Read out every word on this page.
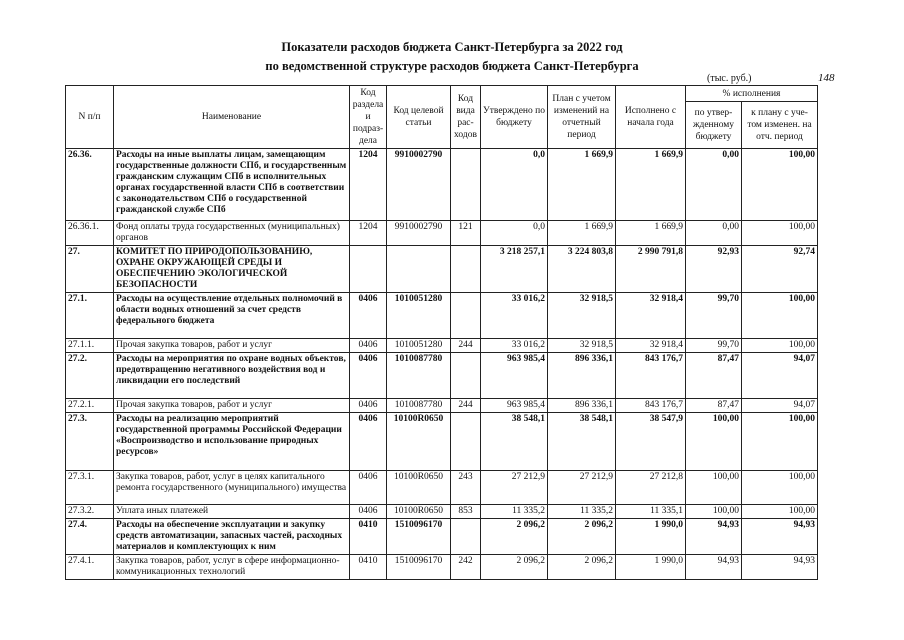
Показатели расходов бюджета Санкт-Петербурга за 2022 год
по ведомственной структуре расходов бюджета Санкт-Петербурга
(тыс. руб.)	148
N п/п	Наименование	Код раздела и подраз-дела	Код целевой статьи	Код вида рас-ходов	Утверждено по бюджету	План с учетом изменений на отчетный период	Исполнено с начала года	% исполнения	
								по утвер-жденному бюджету	к плану с уче-том изменен. на отч. период
26.36.	Расходы на иные выплаты лицам, замещающим государственные должности СПб, и государственным гражданским служащим СПб в исполнительных органах государственной власти СПб в соответствии с законодательством СПб о государственной гражданской службе СПб	1204	9910002790		0,0	1 669,9	1 669,9	0,00	100,00
26.36.1.	Фонд оплаты труда государственных (муниципальных) органов	1204	9910002790	121	0,0	1 669,9	1 669,9	0,00	100,00
27.	КОМИТЕТ ПО ПРИРОДОПОЛЬЗОВАНИЮ, ОХРАНЕ ОКРУЖАЮЩЕЙ СРЕДЫ И ОБЕСПЕЧЕНИЮ ЭКОЛОГИЧЕСКОЙ БЕЗОПАСНОСТИ				3 218 257,1	3 224 803,8	2 990 791,8	92,93	92,74
27.1.	Расходы на осуществление отдельных полномочий в области водных отношений за счет средств федерального бюджета	0406	1010051280		33 016,2	32 918,5	32 918,4	99,70	100,00
27.1.1.	Прочая закупка товаров, работ и услуг	0406	1010051280	244	33 016,2	32 918,5	32 918,4	99,70	100,00
27.2.	Расходы на мероприятия по охране водных объектов, предотвращению негативного воздействия вод и ликвидации его последствий	0406	1010087780		963 985,4	896 336,1	843 176,7	87,47	94,07
27.2.1.	Прочая закупка товаров, работ и услуг	0406	1010087780	244	963 985,4	896 336,1	843 176,7	87,47	94,07
27.3.	Расходы на реализацию мероприятий государственной программы Российской Федерации «Воспроизводство и использование природных ресурсов»	0406	10100R0650		38 548,1	38 548,1	38 547,9	100,00	100,00
27.3.1.	Закупка товаров, работ, услуг в целях капитального ремонта государственного (муниципального) имущества	0406	10100R0650	243	27 212,9	27 212,9	27 212,8	100,00	100,00
27.3.2.	Уплата иных платежей	0406	10100R0650	853	11 335,2	11 335,2	11 335,1	100,00	100,00
27.4.	Расходы на обеспечение эксплуатации и закупку средств автоматизации, запасных частей, расходных материалов и комплектующих к ним	0410	1510096170		2 096,2	2 096,2	1 990,0	94,93	94,93
27.4.1.	Закупка товаров, работ, услуг в сфере информационно-коммуникационных технологий	0410	1510096170	242	2 096,2	2 096,2	1 990,0	94,93	94,93
